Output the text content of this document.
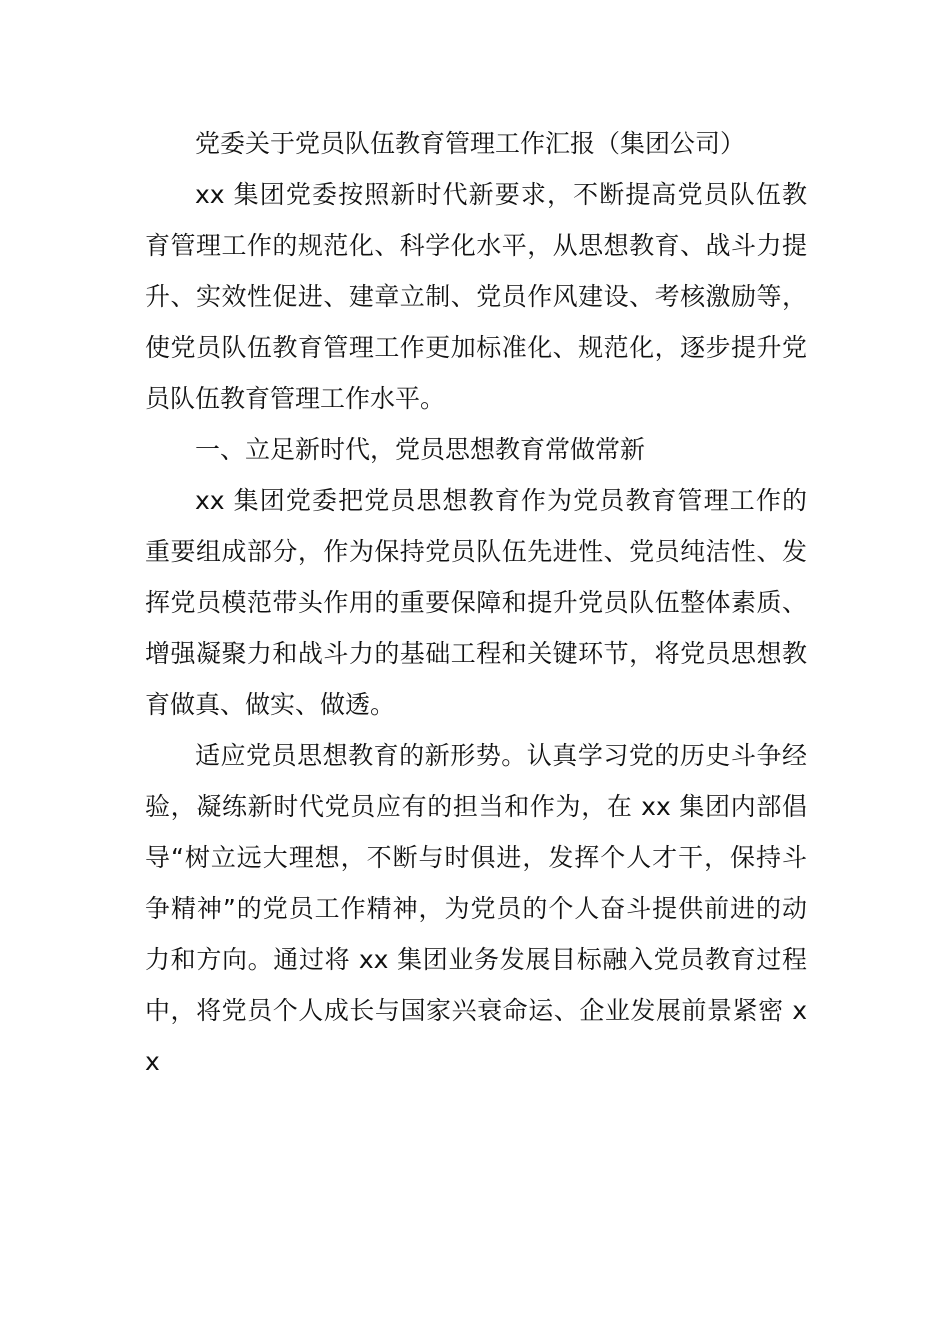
党委关于党员队伍教育管理工作汇报（集团公司）

xx 集团党委按照新时代新要求，不断提高党员队伍教育管理工作的规范化、科学化水平，从思想教育、战斗力提升、实效性促进、建章立制、党员作风建设、考核激励等，使党员队伍教育管理工作更加标准化、规范化，逐步提升党员队伍教育管理工作水平。

一、立足新时代，党员思想教育常做常新

xx 集团党委把党员思想教育作为党员教育管理工作的重要组成部分，作为保持党员队伍先进性、党员纯洁性、发挥党员模范带头作用的重要保障和提升党员队伍整体素质、增强凝聚力和战斗力的基础工程和关键环节，将党员思想教育做真、做实、做透。

适应党员思想教育的新形势。认真学习党的历史斗争经验，凝练新时代党员应有的担当和作为，在 xx 集团内部倡导“树立远大理想，不断与时俱进，发挥个人才干，保持斗争精神”的党员工作精神，为党员的个人奋斗提供前进的动力和方向。通过将 xx 集团业务发展目标融入党员教育过程中，将党员个人成长与国家兴衰命运、企业发展前景紧密 xx
